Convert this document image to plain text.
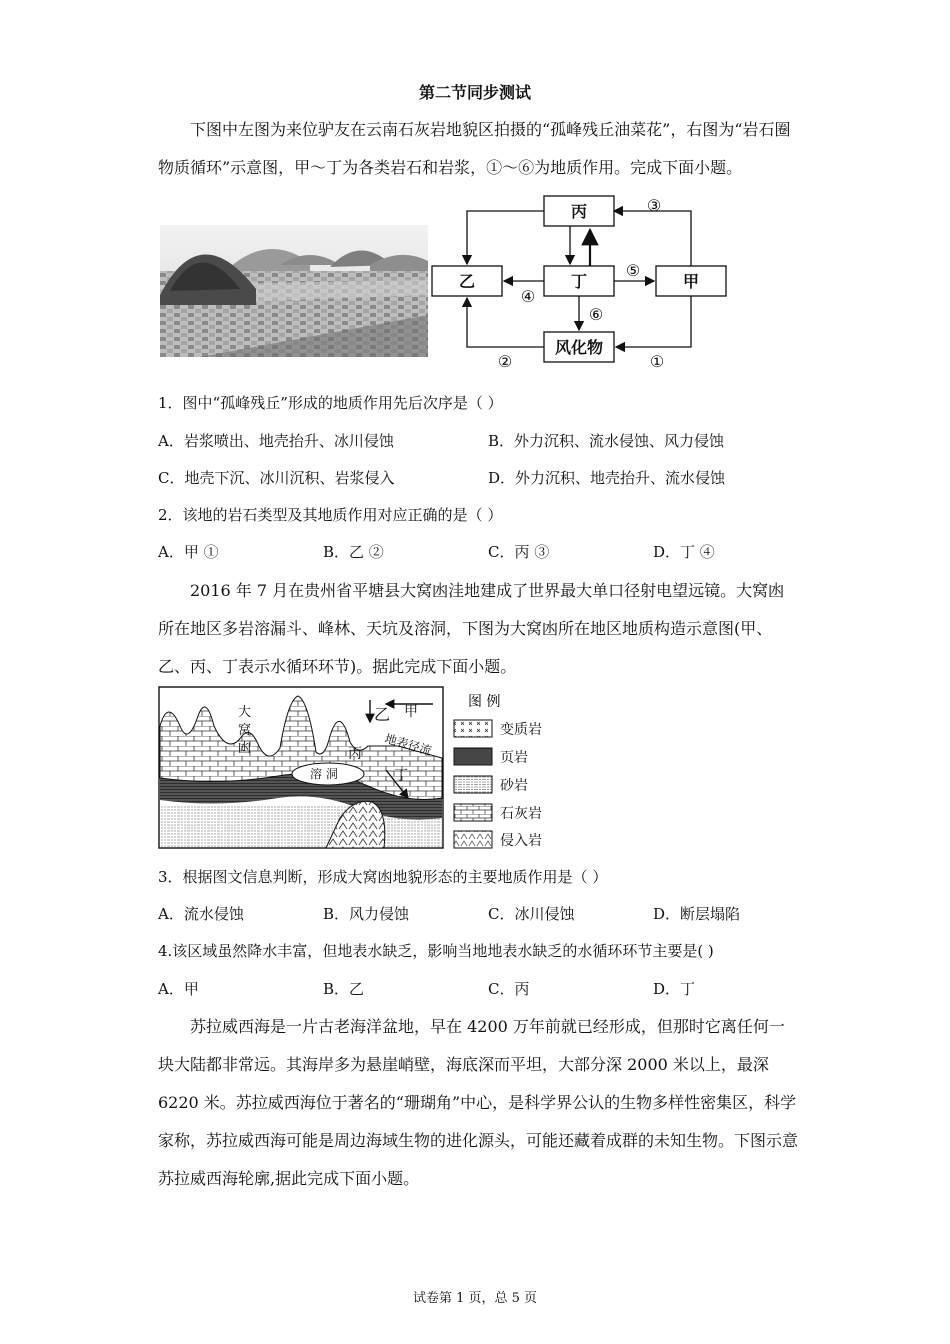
第二节同步测试

下图中左图为来位驴友在云南石灰岩地貌区拍摄的“孤峰残丘油菜花”，右图为“岩石圈物质循环”示意图，甲～丁为各类岩石和岩浆，①～⑥为地质作用。完成下面小题。

丙
乙	丁	甲
风化物
③
⑤
④
⑥
①
②
1．图中“孤峰残丘”形成的地质作用先后次序是（ ）
A．岩浆喷出、地壳抬升、冰川侵蚀	B．外力沉积、流水侵蚀、风力侵蚀
C．地壳下沉、冰川沉积、岩浆侵入	D．外力沉积、地壳抬升、流水侵蚀
2．该地的岩石类型及其地质作用对应正确的是（ ）
A．甲 ①	B．乙 ②	C．丙 ③	D．丁 ④

2016 年 7 月在贵州省平塘县大窝凼洼地建成了世界最大单口径射电望远镜。大窝凼所在地区多岩溶漏斗、峰林、天坑及溶洞，下图为大窝凼所在地区地质构造示意图(甲、乙、丙、丁表示水循环环节)。据此完成下面小题。

大
窝
凼
甲
乙
丙
丁
地表径流
溶 洞
图 例
变质岩
页岩
砂岩
石灰岩
侵入岩
3．根据图文信息判断，形成大窝凼地貌形态的主要地质作用是（ ）
A．流水侵蚀	B．风力侵蚀	C．冰川侵蚀	D．断层塌陷
4.该区域虽然降水丰富，但地表水缺乏，影响当地地表水缺乏的水循环环节主要是( )
A．甲	B．乙	C．丙	D．丁

苏拉威西海是一片古老海洋盆地，早在 4200 万年前就已经形成，但那时它离任何一块大陆都非常远。其海岸多为悬崖峭壁，海底深而平坦，大部分深 2000 米以上，最深 6220 米。苏拉威西海位于著名的“珊瑚角”中心，是科学界公认的生物多样性密集区，科学家称，苏拉威西海可能是周边海域生物的进化源头，可能还藏着成群的未知生物。下图示意苏拉威西海轮廓,据此完成下面小题。

试卷第 1 页，总 5 页
